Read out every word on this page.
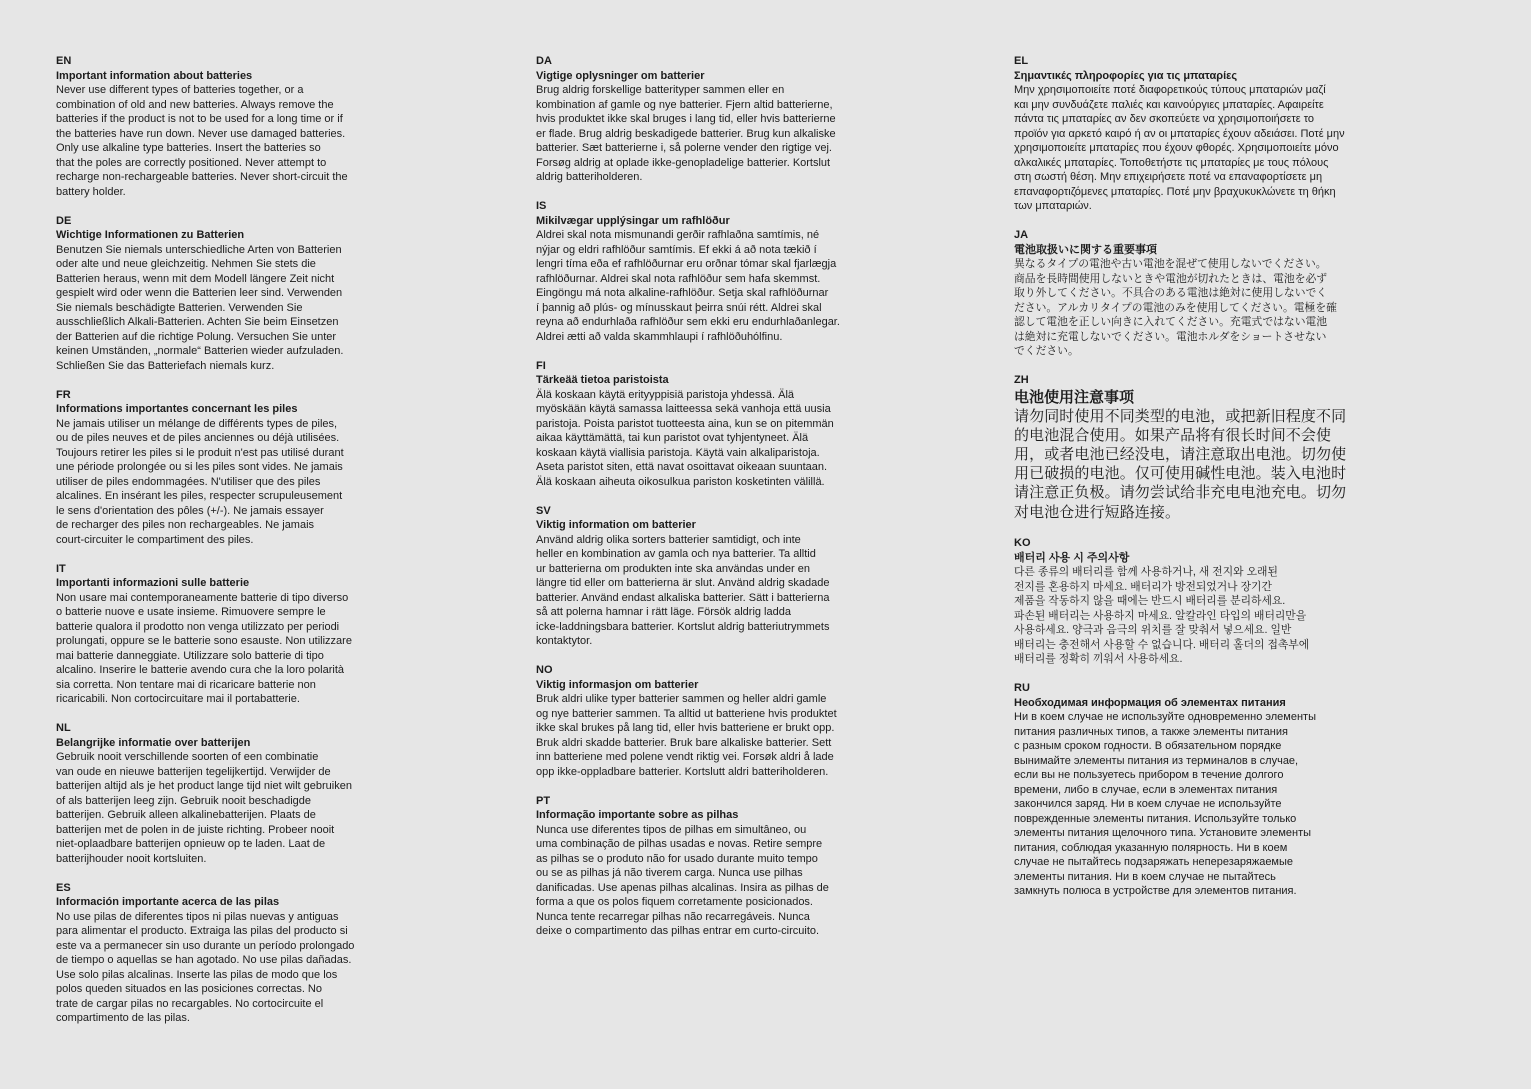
EN
Important information about batteries
Never use different types of batteries together, or a
combination of old and new batteries. Always remove the
batteries if the product is not to be used for a long time or if
the batteries have run down. Never use damaged batteries.
Only use alkaline type batteries. Insert the batteries so
that the poles are correctly positioned. Never attempt to
recharge non-rechargeable batteries. Never short-circuit the
battery holder.
DE
Wichtige Informationen zu Batterien
Benutzen Sie niemals unterschiedliche Arten von Batterien
oder alte und neue gleichzeitig. Nehmen Sie stets die
Batterien heraus, wenn mit dem Modell längere Zeit nicht
gespielt wird oder wenn die Batterien leer sind. Verwenden
Sie niemals beschädigte Batterien. Verwenden Sie
ausschließlich Alkali-Batterien. Achten Sie beim Einsetzen
der Batterien auf die richtige Polung. Versuchen Sie unter
keinen Umständen, „normale“ Batterien wieder aufzuladen.
Schließen Sie das Batteriefach niemals kurz.
FR
Informations importantes concernant les piles
Ne jamais utiliser un mélange de différents types de piles,
ou de piles neuves et de piles anciennes ou déjà utilisées.
Toujours retirer les piles si le produit n'est pas utilisé durant
une période prolongée ou si les piles sont vides. Ne jamais
utiliser de piles endommagées. N'utiliser que des piles
alcalines. En insérant les piles, respecter scrupuleusement
le sens d'orientation des pôles (+/-). Ne jamais essayer
de recharger des piles non rechargeables. Ne jamais
court-circuiter le compartiment des piles.
IT
Importanti informazioni sulle batterie
Non usare mai contemporaneamente batterie di tipo diverso
o batterie nuove e usate insieme. Rimuovere sempre le
batterie qualora il prodotto non venga utilizzato per periodi
prolungati, oppure se le batterie sono esauste. Non utilizzare
mai batterie danneggiate. Utilizzare solo batterie di tipo
alcalino. Inserire le batterie avendo cura che la loro polarità
sia corretta. Non tentare mai di ricaricare batterie non
ricaricabili. Non cortocircuitare mai il portabatterie.
NL
Belangrijke informatie over batterijen
Gebruik nooit verschillende soorten of een combinatie
van oude en nieuwe batterijen tegelijkertijd. Verwijder de
batterijen altijd als je het product lange tijd niet wilt gebruiken
of als batterijen leeg zijn. Gebruik nooit beschadigde
batterijen. Gebruik alleen alkalinebatterijen. Plaats de
batterijen met de polen in de juiste richting. Probeer nooit
niet-oplaadbare batterijen opnieuw op te laden. Laat de
batterijhouder nooit kortsluiten.
ES
Información importante acerca de las pilas
No use pilas de diferentes tipos ni pilas nuevas y antiguas
para alimentar el producto. Extraiga las pilas del producto si
este va a permanecer sin uso durante un período prolongado
de tiempo o aquellas se han agotado. No use pilas dañadas.
Use solo pilas alcalinas. Inserte las pilas de modo que los
polos queden situados en las posiciones correctas. No
trate de cargar pilas no recargables. No cortocircuite el
compartimento de las pilas.
DA
Vigtige oplysninger om batterier
Brug aldrig forskellige batterityper sammen eller en
kombination af gamle og nye batterier. Fjern altid batterierne,
hvis produktet ikke skal bruges i lang tid, eller hvis batterierne
er flade. Brug aldrig beskadigede batterier. Brug kun alkaliske
batterier. Sæt batterierne i, så polerne vender den rigtige vej.
Forsøg aldrig at oplade ikke-genopladelige batterier. Kortslut
aldrig batteriholderen.
IS
Mikilvægar upplýsingar um rafhlöður
Aldrei skal nota mismunandi gerðir rafhlaðna samtímis, né
nýjar og eldri rafhlöður samtímis. Ef ekki á að nota tækið í
lengri tíma eða ef rafhlöðurnar eru orðnar tómar skal fjarlægja
rafhlöðurnar. Aldrei skal nota rafhlöður sem hafa skemmst.
Eingöngu má nota alkaline-rafhlöður. Setja skal rafhlöðurnar
í þannig að plús- og mínusskaut þeirra snúi rétt. Aldrei skal
reyna að endurhlaða rafhlöður sem ekki eru endurhlaðanlegar.
Aldrei ætti að valda skammhlaupi í rafhlöðuhólfinu.
FI
Tärkeää tietoa paristoista
Älä koskaan käytä erityyppisiä paristoja yhdessä. Älä
myöskään käytä samassa laitteessa sekä vanhoja että uusia
paristoja. Poista paristot tuotteesta aina, kun se on pitemmän
aikaa käyttämättä, tai kun paristot ovat tyhjentyneet. Älä
koskaan käytä viallisia paristoja. Käytä vain alkaliparistoja.
Aseta paristot siten, että navat osoittavat oikeaan suuntaan.
Älä koskaan aiheuta oikosulkua pariston kosketinten välillä.
SV
Viktig information om batterier
Använd aldrig olika sorters batterier samtidigt, och inte
heller en kombination av gamla och nya batterier. Ta alltid
ur batterierna om produkten inte ska användas under en
längre tid eller om batterierna är slut. Använd aldrig skadade
batterier. Använd endast alkaliska batterier. Sätt i batterierna
så att polerna hamnar i rätt läge. Försök aldrig ladda
icke-laddningsbara batterier. Kortslut aldrig batteriutrymmets
kontaktytor.
NO
Viktig informasjon om batterier
Bruk aldri ulike typer batterier sammen og heller aldri gamle
og nye batterier sammen. Ta alltid ut batteriene hvis produktet
ikke skal brukes på lang tid, eller hvis batteriene er brukt opp.
Bruk aldri skadde batterier. Bruk bare alkaliske batterier. Sett
inn batteriene med polene vendt riktig vei. Forsøk aldri å lade
opp ikke-oppladbare batterier. Kortslutt aldri batteriholderen.
PT
Informação importante sobre as pilhas
Nunca use diferentes tipos de pilhas em simultâneo, ou
uma combinação de pilhas usadas e novas. Retire sempre
as pilhas se o produto não for usado durante muito tempo
ou se as pilhas já não tiverem carga. Nunca use pilhas
danificadas. Use apenas pilhas alcalinas. Insira as pilhas de
forma a que os polos fiquem corretamente posicionados.
Nunca tente recarregar pilhas não recarregáveis. Nunca
deixe o compartimento das pilhas entrar em curto-circuito.
EL
Σημαντικές πληροφορίες για τις μπαταρίες
Μην χρησιμοποιείτε ποτέ διαφορετικούς τύπους μπαταριών μαζί
και μην συνδυάζετε παλιές και καινούργιες μπαταρίες. Αφαιρείτε
πάντα τις μπαταρίες αν δεν σκοπεύετε να χρησιμοποιήσετε το
προϊόν για αρκετό καιρό ή αν οι μπαταρίες έχουν αδειάσει. Ποτέ μην
χρησιμοποιείτε μπαταρίες που έχουν φθορές. Χρησιμοποιείτε μόνο
αλκαλικές μπαταρίες. Τοποθετήστε τις μπαταρίες με τους πόλους
στη σωστή θέση. Μην επιχειρήσετε ποτέ να επαναφορτίσετε μη
επαναφορτιζόμενες μπαταρίες. Ποτέ μην βραχυκυκλώνετε τη θήκη
των μπαταριών.
JA
電池取扱いに関する重要事項
異なるタイプの電池や古い電池を混ぜて使用しないでください。
商品を長時間使用しないときや電池が切れたときは、電池を必ず
取り外してください。不具合のある電池は絶対に使用しないでく
ださい。アルカリタイプの電池のみを使用してください。電極を確
認して電池を正しい向きに入れてください。充電式ではない電池
は絶対に充電しないでください。電池ホルダをショートさせない
でください。
ZH
电池使用注意事项
请勿同时使用不同类型的电池，或把新旧程度不同
的电池混合使用。如果产品将有很长时间不会使
用，或者电池已经没电，请注意取出电池。切勿使
用已破损的电池。仅可使用碱性电池。装入电池时
请注意正负极。请勿尝试给非充电电池充电。切勿
对电池仓进行短路连接。
KO
배터리 사용 시 주의사항
다른 종류의 배터리를 함께 사용하거나, 새 전지와 오래된
전지를 혼용하지 마세요. 배터리가 방전되었거나 장기간
제품을 작동하지 않을 때에는 반드시 배터리를 분리하세요.
파손된 배터리는 사용하지 마세요. 알칼라인 타입의 배터리만을
사용하세요. 양극과 음극의 위치를 잘 맞춰서 넣으세요. 일반
배터리는 충전해서 사용할 수 없습니다. 배터리 홀더의 접촉부에
배터리를 정확히 끼워서 사용하세요.
RU
Необходимая информация об элементах питания
Ни в коем случае не используйте одновременно элементы
питания различных типов, а также элементы питания
с разным сроком годности. В обязательном порядке
вынимайте элементы питания из терминалов в случае,
если вы не пользуетесь прибором в течение долгого
времени, либо в случае, если в элементах питания
закончился заряд. Ни в коем случае не используйте
поврежденные элементы питания. Используйте только
элементы питания щелочного типа. Установите элементы
питания, соблюдая указанную полярность. Ни в коем
случае не пытайтесь подзаряжать неперезаряжаемые
элементы питания. Ни в коем случае не пытайтесь
замкнуть полюса в устройстве для элементов питания.
